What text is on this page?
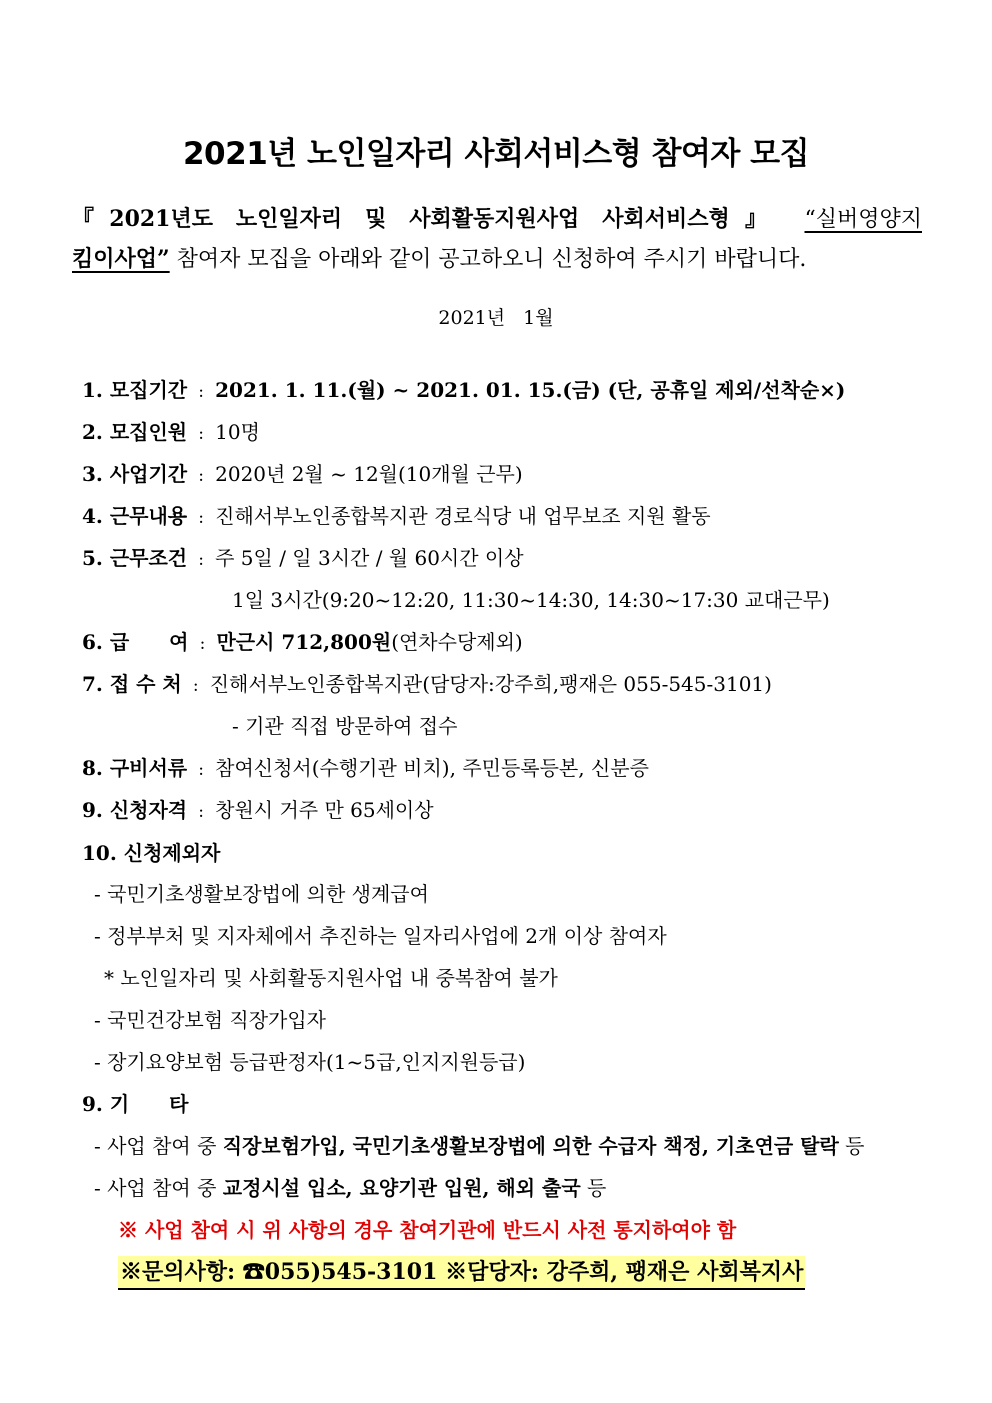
2021년 노인일자리 사회서비스형 참여자 모집
『2021년도 노인일자리 및 사회활동지원사업 사회서비스형』 “실버영양지
킴이사업” 참여자 모집을 아래와 같이 공고하오니 신청하여 주시기 바랍니다.
2021년 1월
1. 모집기간 : 2021. 1. 11.(월) ~ 2021. 01. 15.(금) (단, 공휴일 제외/선착순×)
2. 모집인원 : 10명
3. 사업기간 : 2020년 2월 ~ 12월(10개월 근무)
4. 근무내용 : 진해서부노인종합복지관 경로식당 내 업무보조 지원 활동
5. 근무조건 : 주 5일 / 일 3시간 / 월 60시간 이상
1일 3시간(9:20~12:20, 11:30~14:30, 14:30~17:30 교대근무)
6. 급　　여 : 만근시 712,800원(연차수당제외)
7. 접 수 처 : 진해서부노인종합복지관(담당자:강주희,팽재은 055-545-3101)
- 기관 직접 방문하여 접수
8. 구비서류 : 참여신청서(수행기관 비치), 주민등록등본, 신분증
9. 신청자격 : 창원시 거주 만 65세이상
10. 신청제외자
- 국민기초생활보장법에 의한 생계급여
- 정부부처 및 지자체에서 추진하는 일자리사업에 2개 이상 참여자
* 노인일자리 및 사회활동지원사업 내 중복참여 불가
- 국민건강보험 직장가입자
- 장기요양보험 등급판정자(1~5급,인지지원등급)
9. 기　　타
- 사업 참여 중 직장보험가입, 국민기초생활보장법에 의한 수급자 책정, 기초연금 탈락 등
- 사업 참여 중 교정시설 입소, 요양기관 입원, 해외 출국 등
※ 사업 참여 시 위 사항의 경우 참여기관에 반드시 사전 통지하여야 함
※문의사항: ☎055)545-3101 ※담당자: 강주희, 팽재은 사회복지사
